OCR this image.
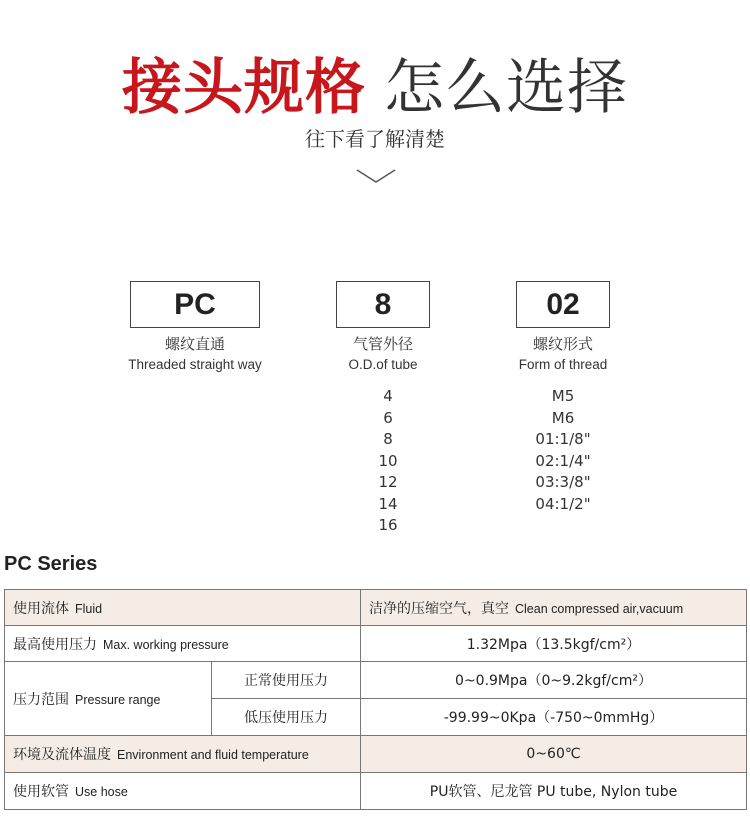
接头规格 怎么选择
往下看了解清楚
PC
螺纹直通
Threaded straight way
8
气管外径
O.D.of tube
4
6
8
10
12
14
16
02
螺纹形式
Form of thread
M5
M6
01:1/8"
02:1/4"
03:3/8"
04:1/2"
PC Series
使用流体 Fluid		洁净的压缩空气，真空 Clean compressed air,vacuum
最高使用压力 Max. working pressure		1.32Mpa（13.5kgf/cm²）
压力范围 Pressure range	正常使用压力	0~0.9Mpa（0~9.2kgf/cm²）
	低压使用压力	-99.99~0Kpa（-750~0mmHg）
环境及流体温度 Environment and fluid temperature		0~60℃
使用软管 Use hose		PU软管、尼龙管 PU tube, Nylon tube
